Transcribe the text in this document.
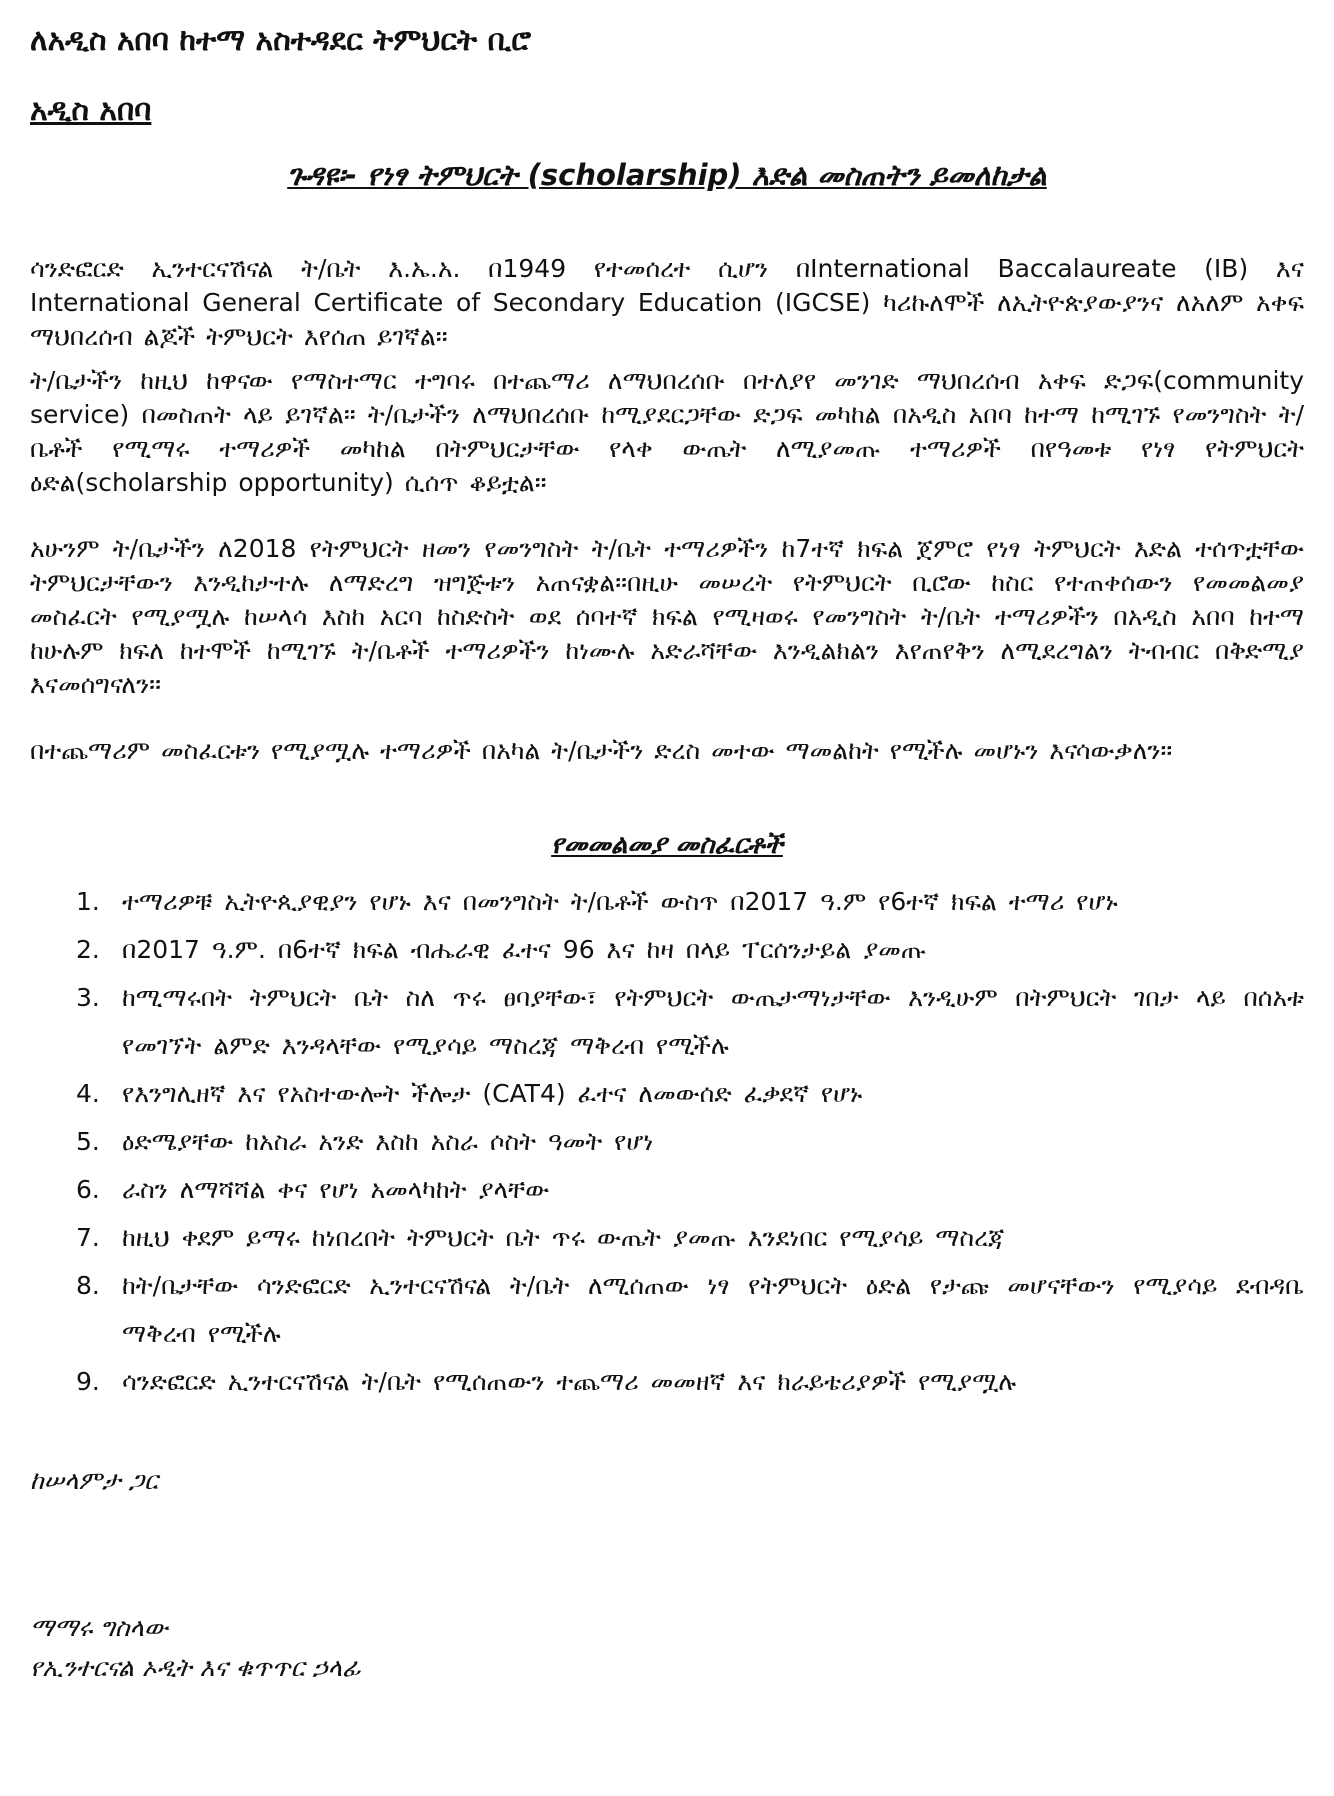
ለአዲስ አበባ ከተማ አስተዳደር ትምህርት ቢሮ
አዲስ አበባ
ጉዳዩ፡- የነፃ ትምህርት (scholarship) እድል መስጠትን ይመለከታል

ሳንድፎርድ ኢንተርናሽናል ት/ቤት እ.ኤ.አ. በ1949 የተመሰረተ ሲሆን በInternational Baccalaureate (IB) እና International General Certificate of Secondary Education (IGCSE) ካሪኩለሞች ለኢትዮጵያውያንና ለአለም አቀፍ ማህበረሰብ ልጆች ትምህርት እየሰጠ ይገኛል፡፡

ት/ቤታችን ከዚህ ከዋናው የማስተማር ተግባሩ በተጨማሪ ለማህበረሰቡ በተለያየ መንገድ ማህበረሰብ አቀፍ ድጋፍ(community service) በመስጠት ላይ ይገኛል፡፡ ት/ቤታችን ለማህበረሰቡ ከሚያደርጋቸው ድጋፍ መካከል በአዲስ አበባ ከተማ ከሚገኙ የመንግስት ት/ቤቶች የሚማሩ ተማሪዎች መካከል በትምህርታቸው የላቀ ውጤት ለሚያመጡ ተማሪዎች በየዓመቱ የነፃ የትምህርት ዕድል(scholarship opportunity) ሲሰጥ ቆይቷል፡፡

አሁንም ት/ቤታችን ለ2018 የትምህርት ዘመን የመንግስት ት/ቤት ተማሪዎችን ከ7ተኛ ክፍል ጀምሮ የነፃ ትምህርት እድል ተሰጥቷቸው ትምህርታቸውን እንዲከታተሉ ለማድረግ ዝግጅቱን አጠናቋል፡፡በዚሁ መሠረት የትምህርት ቢሮው ከስር የተጠቀሰውን የመመልመያ መስፈርት የሚያሟሉ ከሠላሳ እስከ አርባ ከስድስት ወደ ሰባተኛ ክፍል የሚዛወሩ የመንግስት ት/ቤት ተማሪዎችን በአዲስ አበባ ከተማ ከሁሉም ክፍለ ከተሞች ከሚገኙ ት/ቤቶች ተማሪዎችን ከነሙሉ አድራሻቸው እንዲልክልን እየጠየቅን ለሚደረግልን ትብብር በቅድሚያ እናመሰግናለን፡፡

በተጨማሪም መስፈርቱን የሚያሟሉ ተማሪዎች በአካል ት/ቤታችን ድረስ መተው ማመልከት የሚችሉ መሆኑን እናሳውቃለን፡፡

የመመልመያ መስፈርቶች
1. ተማሪዎቹ ኢትዮጲያዊያን የሆኑ እና በመንግስት ት/ቤቶች ውስጥ በ2017 ዓ.ም የ6ተኛ ክፍል ተማሪ የሆኑ
2. በ2017 ዓ.ም. በ6ተኛ ክፍል ብሔራዊ ፈተና 96 እና ከዛ በላይ ፐርሰንታይል ያመጡ
3. ከሚማሩበት ትምህርት ቤት ስለ ጥሩ ፀባያቸው፣ የትምህርት ውጤታማነታቸው እንዲሁም በትምህርት ገበታ ላይ በሰአቱ የመገኘት ልምድ እንዳላቸው የሚያሳይ ማስረጃ ማቅረብ የሚችሉ
4. የእንግሊዘኛ እና የአስተውሎት ችሎታ (CAT4) ፈተና ለመውሰድ ፈቃደኛ የሆኑ
5. ዕድሜያቸው ከአስራ አንድ እስከ አስራ ሶስት ዓመት የሆነ
6. ራስን ለማሻሻል ቀና የሆነ አመላካከት ያላቸው
7. ከዚህ ቀደም ይማሩ ከነበረበት ትምህርት ቤት ጥሩ ውጤት ያመጡ እንደነበር የሚያሳይ ማስረጃ
8. ከት/ቤታቸው ሳንድፎርድ ኢንተርናሽናል ት/ቤት ለሚሰጠው ነፃ የትምህርት ዕድል የታጩ መሆናቸውን የሚያሳይ ደብዳቤ ማቅረብ የሚችሉ
9. ሳንድፎርድ ኢንተርናሽናል ት/ቤት የሚሰጠውን ተጨማሪ መመዘኛ እና ክራይቴሪያዎች የሚያሟሉ
ከሠላምታ ጋር
ማማሩ ግስላው
የኢንተርናል ኦዲት እና ቁጥጥር ኃላፊ
